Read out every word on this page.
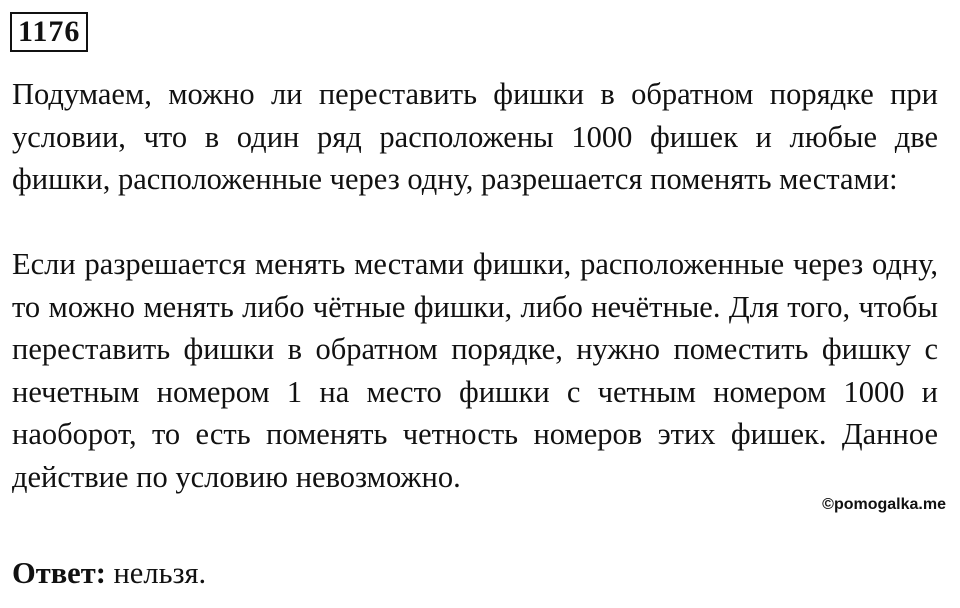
1176

Подумаем, можно ли переставить фишки в обратном порядке при условии, что в один ряд расположены 1000 фишек и любые две фишки, расположенные через одну, разрешается поменять местами:

Если разрешается менять местами фишки, расположенные через одну, то можно менять либо чётные фишки, либо нечётные. Для того, чтобы переставить фишки в обратном порядке, нужно поместить фишку с нечетным номером 1 на место фишки с четным номером 1000 и наоборот, то есть поменять четность номеров этих фишек. Данное действие по условию невозможно.

©pomogalka.me

Ответ: нельзя.
